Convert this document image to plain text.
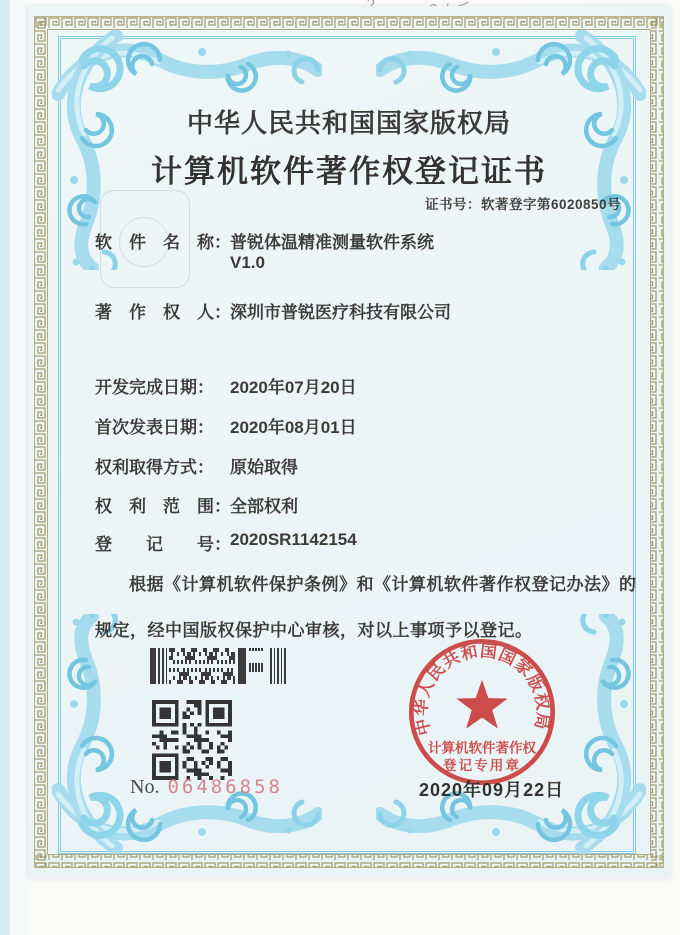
中华人民共和国国家版权局
计算机软件著作权登记证书
证书号：软著登字第6020850号
软　件　名　称： 普锐体温精准测量软件系统
V1.0
著　作　权　人： 深圳市普锐医疗科技有限公司
开发完成日期： 2020年07月20日
首次发表日期： 2020年08月01日
权利取得方式： 原始取得
权　利　范　围： 全部权利
登　　记　　号： 2020SR1142154
根据《计算机软件保护条例》和《计算机软件著作权登记办法》的
规定，经中国版权保护中心审核，对以上事项予以登记。
No. 06486858
中华人民共和国国家版权局
计算机软件著作权
登记专用章
2020年09月22日
